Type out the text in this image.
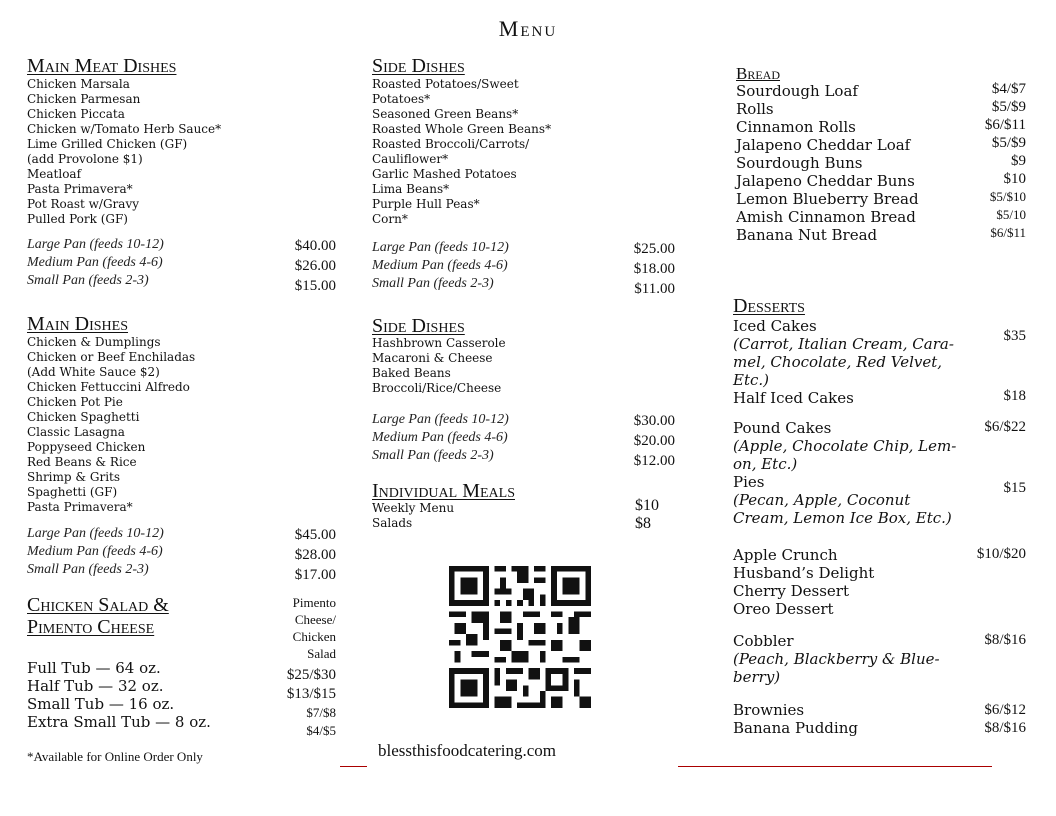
Menu
Main Meat Dishes
Chicken Marsala
Chicken Parmesan
Chicken Piccata
Chicken w/Tomato Herb Sauce*
Lime Grilled Chicken (GF)
(add Provolone $1)
Meatloaf
Pasta Primavera*
Pot Roast w/Gravy
Pulled Pork (GF)
Large Pan (feeds 10-12)
Medium Pan (feeds 4-6)
Small Pan (feeds 2-3)
$40.00
$26.00
$15.00
Main Dishes
Chicken & Dumplings
Chicken or Beef Enchiladas
(Add White Sauce $2)
Chicken Fettuccini Alfredo
Chicken Pot Pie
Chicken Spaghetti
Classic Lasagna
Poppyseed Chicken
Red Beans & Rice
Shrimp & Grits
Spaghetti (GF)
Pasta Primavera*
Large Pan (feeds 10-12)
Medium Pan (feeds 4-6)
Small Pan (feeds 2-3)
$45.00
$28.00
$17.00
Chicken Salad &
Pimento Cheese
Pimento
Cheese/
Chicken
Salad
Full Tub — 64 oz.
Half Tub — 32 oz.
Small Tub — 16 oz.
Extra Small Tub — 8 oz.
$25/$30
$13/$15
$7/$8
$4/$5
*Available for Online Order Only
Side Dishes
Roasted Potatoes/Sweet
Potatoes*
Seasoned Green Beans*
Roasted Whole Green Beans*
Roasted Broccoli/Carrots/
Cauliflower*
Garlic Mashed Potatoes
Lima Beans*
Purple Hull Peas*
Corn*
Large Pan (feeds 10-12)
Medium Pan (feeds 4-6)
Small Pan (feeds 2-3)
$25.00
$18.00
$11.00
Side Dishes
Hashbrown Casserole
Macaroni & Cheese
Baked Beans
Broccoli/Rice/Cheese
Large Pan (feeds 10-12)
Medium Pan (feeds 4-6)
Small Pan (feeds 2-3)
$30.00
$20.00
$12.00
Individual Meals
Weekly Menu
Salads
$10
$8
blessthisfoodcatering.com
Bread
Sourdough Loaf
Rolls
Cinnamon Rolls
Jalapeno Cheddar Loaf
Sourdough Buns
Jalapeno Cheddar Buns
Lemon Blueberry Bread
Amish Cinnamon Bread
Banana Nut Bread
$4/$7
$5/$9
$6/$11
$5/$9
$9
$10
$5/$10
$5/10
$6/$11
Desserts
Iced Cakes
(Carrot, Italian Cream, Cara-
mel, Chocolate, Red Velvet,
Etc.)
Half Iced Cakes
$35
$18
Pound Cakes
(Apple, Chocolate Chip, Lem-
on, Etc.)
Pies
(Pecan, Apple, Coconut
Cream, Lemon Ice Box, Etc.)
$6/$22
$15
Apple Crunch
Husband’s Delight
Cherry Dessert
Oreo Dessert
$10/$20
Cobbler
(Peach, Blackberry & Blue-
berry)
$8/$16
Brownies
Banana Pudding
$6/$12
$8/$16
